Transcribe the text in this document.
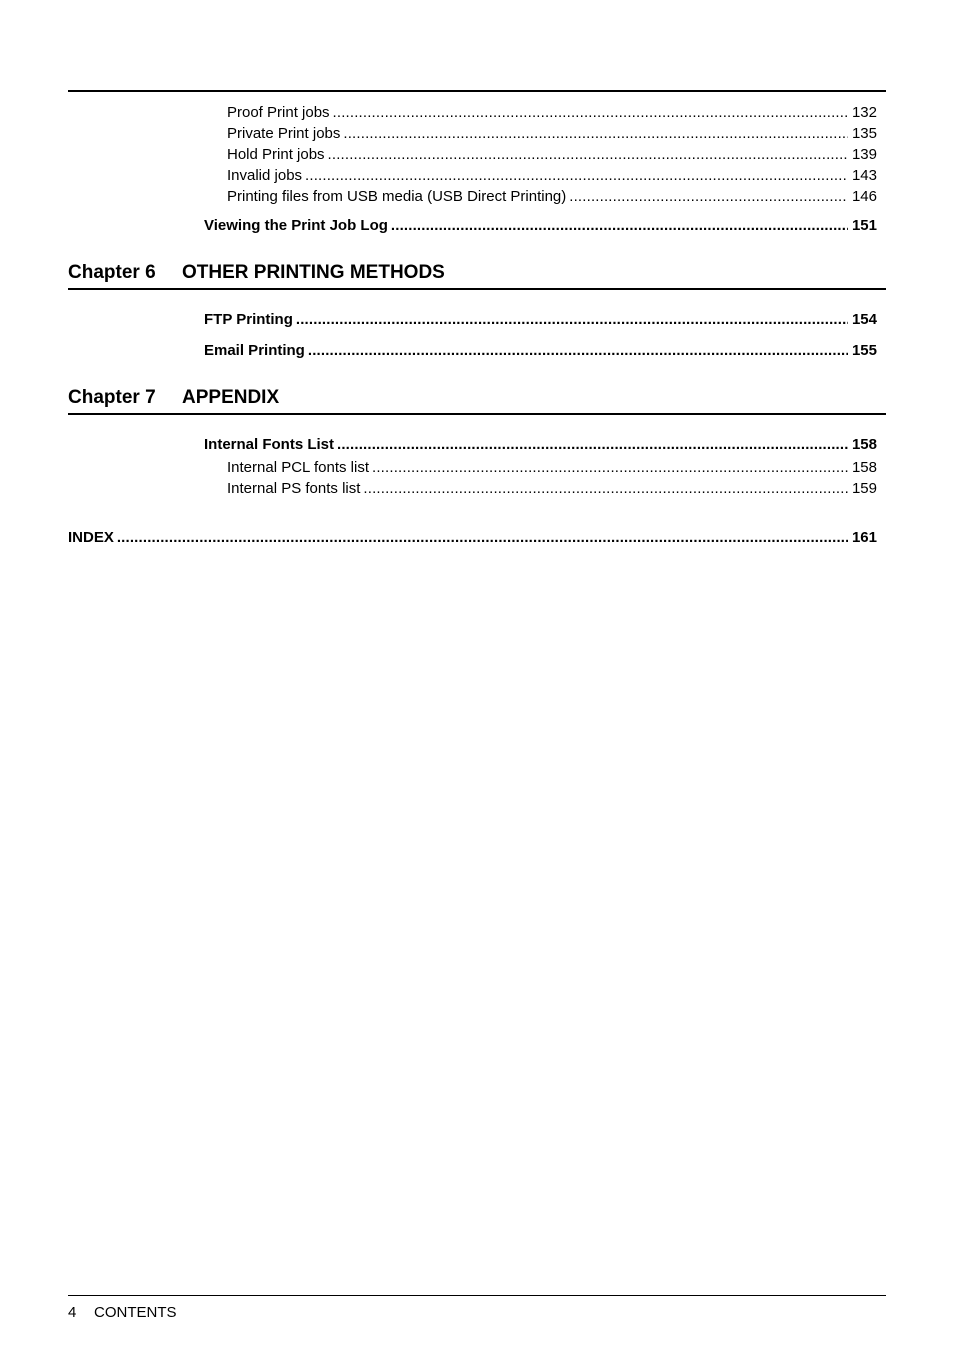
Proof Print jobs . . .	132
Private Print jobs . . .	135
Hold Print jobs . . .	139
Invalid jobs . . .	143
Printing files from USB media (USB Direct Printing) . . .	146
Viewing the Print Job Log . . .	151
Chapter 6 OTHER PRINTING METHODS
FTP Printing . . .	154
Email Printing . . .	155
Chapter 7 APPENDIX
Internal Fonts List . . .	158
Internal PCL fonts list . . .	158
Internal PS fonts list . . .	159
INDEX . . .	161
4 CONTENTS
